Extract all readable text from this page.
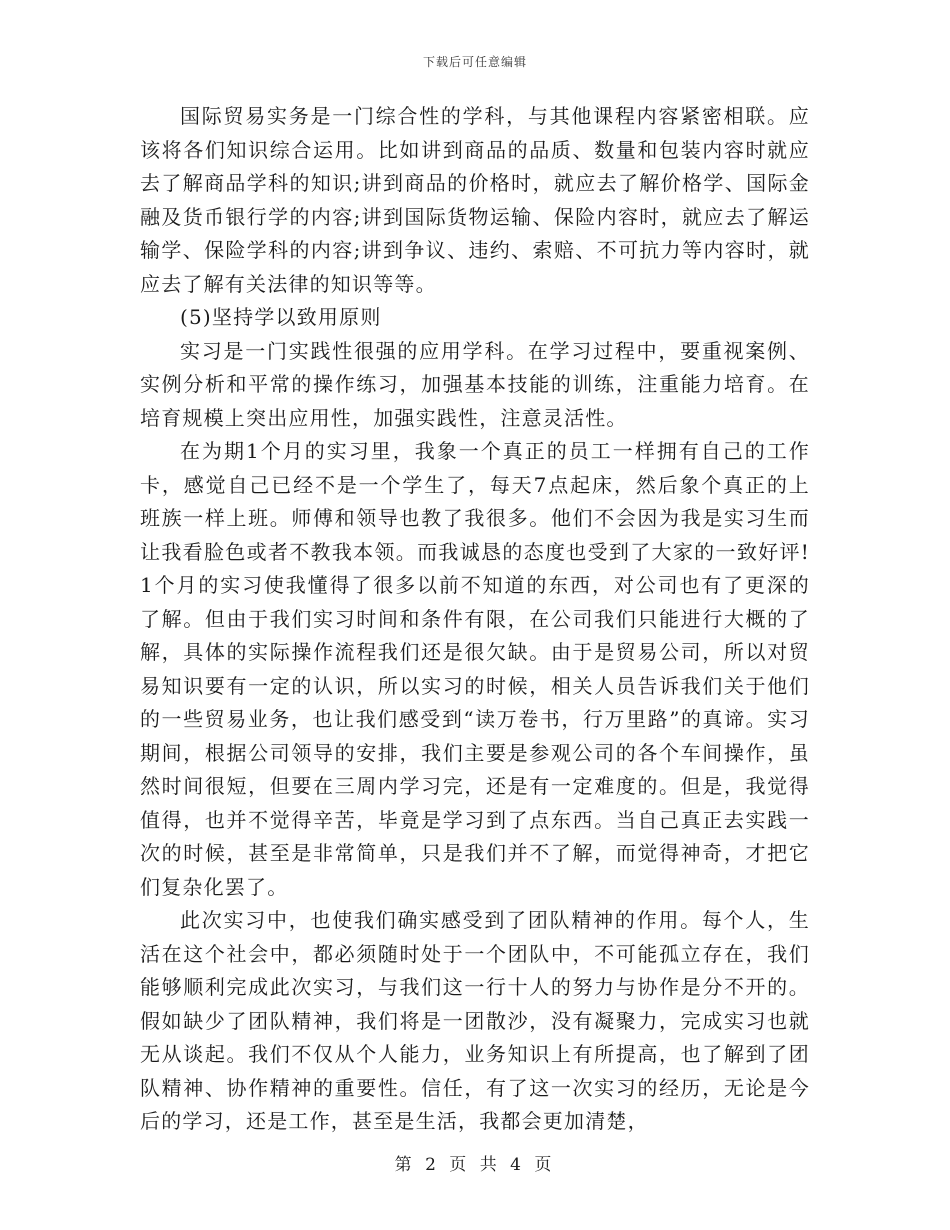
下载后可任意编辑

国际贸易实务是一门综合性的学科，与其他课程内容紧密相联。应该将各们知识综合运用。比如讲到商品的品质、数量和包装内容时就应去了解商品学科的知识;讲到商品的价格时，就应去了解价格学、国际金融及货币银行学的内容;讲到国际货物运输、保险内容时，就应去了解运输学、保险学科的内容;讲到争议、违约、索赔、不可抗力等内容时，就应去了解有关法律的知识等等。

(5)坚持学以致用原则

实习是一门实践性很强的应用学科。在学习过程中，要重视案例、实例分析和平常的操作练习，加强基本技能的训练，注重能力培育。在培育规模上突出应用性，加强实践性，注意灵活性。

在为期1个月的实习里，我象一个真正的员工一样拥有自己的工作卡，感觉自己已经不是一个学生了，每天7点起床，然后象个真正的上班族一样上班。师傅和领导也教了我很多。他们不会因为我是实习生而让我看脸色或者不教我本领。而我诚恳的态度也受到了大家的一致好评!1个月的实习使我懂得了很多以前不知道的东西，对公司也有了更深的了解。但由于我们实习时间和条件有限，在公司我们只能进行大概的了解，具体的实际操作流程我们还是很欠缺。由于是贸易公司，所以对贸易知识要有一定的认识，所以实习的时候，相关人员告诉我们关于他们的一些贸易业务，也让我们感受到“读万卷书，行万里路”的真谛。实习期间，根据公司领导的安排，我们主要是参观公司的各个车间操作，虽然时间很短，但要在三周内学习完，还是有一定难度的。但是，我觉得值得，也并不觉得辛苦，毕竟是学习到了点东西。当自己真正去实践一次的时候，甚至是非常简单，只是我们并不了解，而觉得神奇，才把它们复杂化罢了。

此次实习中，也使我们确实感受到了团队精神的作用。每个人，生活在这个社会中，都必须随时处于一个团队中，不可能孤立存在，我们能够顺利完成此次实习，与我们这一行十人的努力与协作是分不开的。假如缺少了团队精神，我们将是一团散沙，没有凝聚力，完成实习也就无从谈起。我们不仅从个人能力，业务知识上有所提高，也了解到了团队精神、协作精神的重要性。信任，有了这一次实习的经历，无论是今后的学习，还是工作，甚至是生活，我都会更加清楚，

第 2 页 共 4 页
